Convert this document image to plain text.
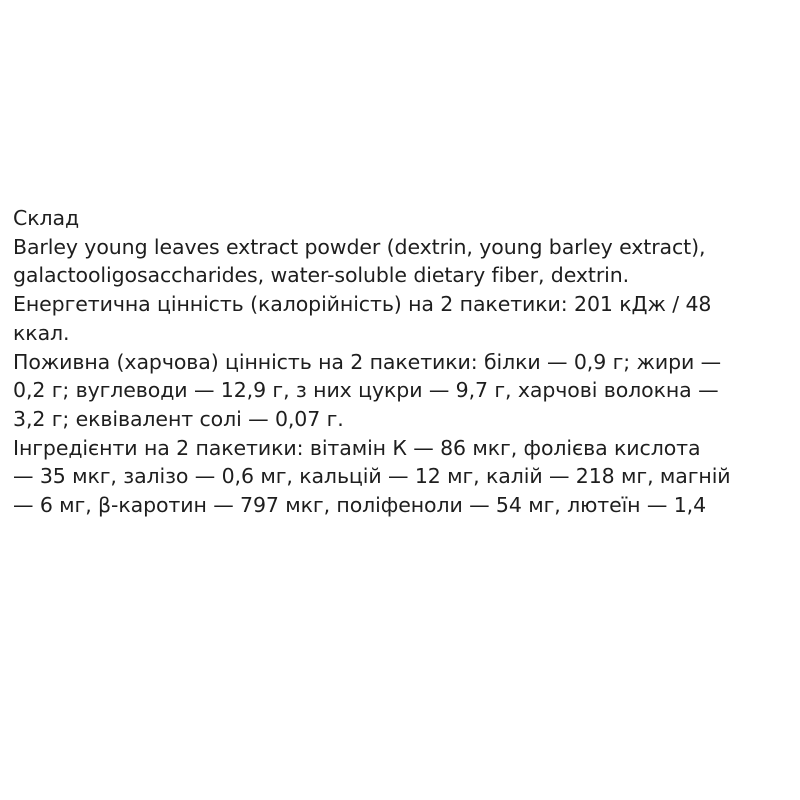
Склад
Barley young leaves extract powder (dextrin, young barley extract),
galactooligosaccharides, water-soluble dietary fiber, dextrin.
Енергетична цінність (калорійність) на 2 пакетики: 201 кДж / 48
ккал.
Поживна (харчова) цінність на 2 пакетики: білки — 0,9 г; жири —
0,2 г; вуглеводи — 12,9 г, з них цукри — 9,7 г, харчові волокна —
3,2 г; еквівалент солі — 0,07 г.
Інгредієнти на 2 пакетики: вітамін К — 86 мкг, фолієва кислота
— 35 мкг, залізо — 0,6 мг, кальцій — 12 мг, калій — 218 мг, магній
— 6 мг, β-каротин — 797 мкг, поліфеноли — 54 мг, лютеїн — 1,4
